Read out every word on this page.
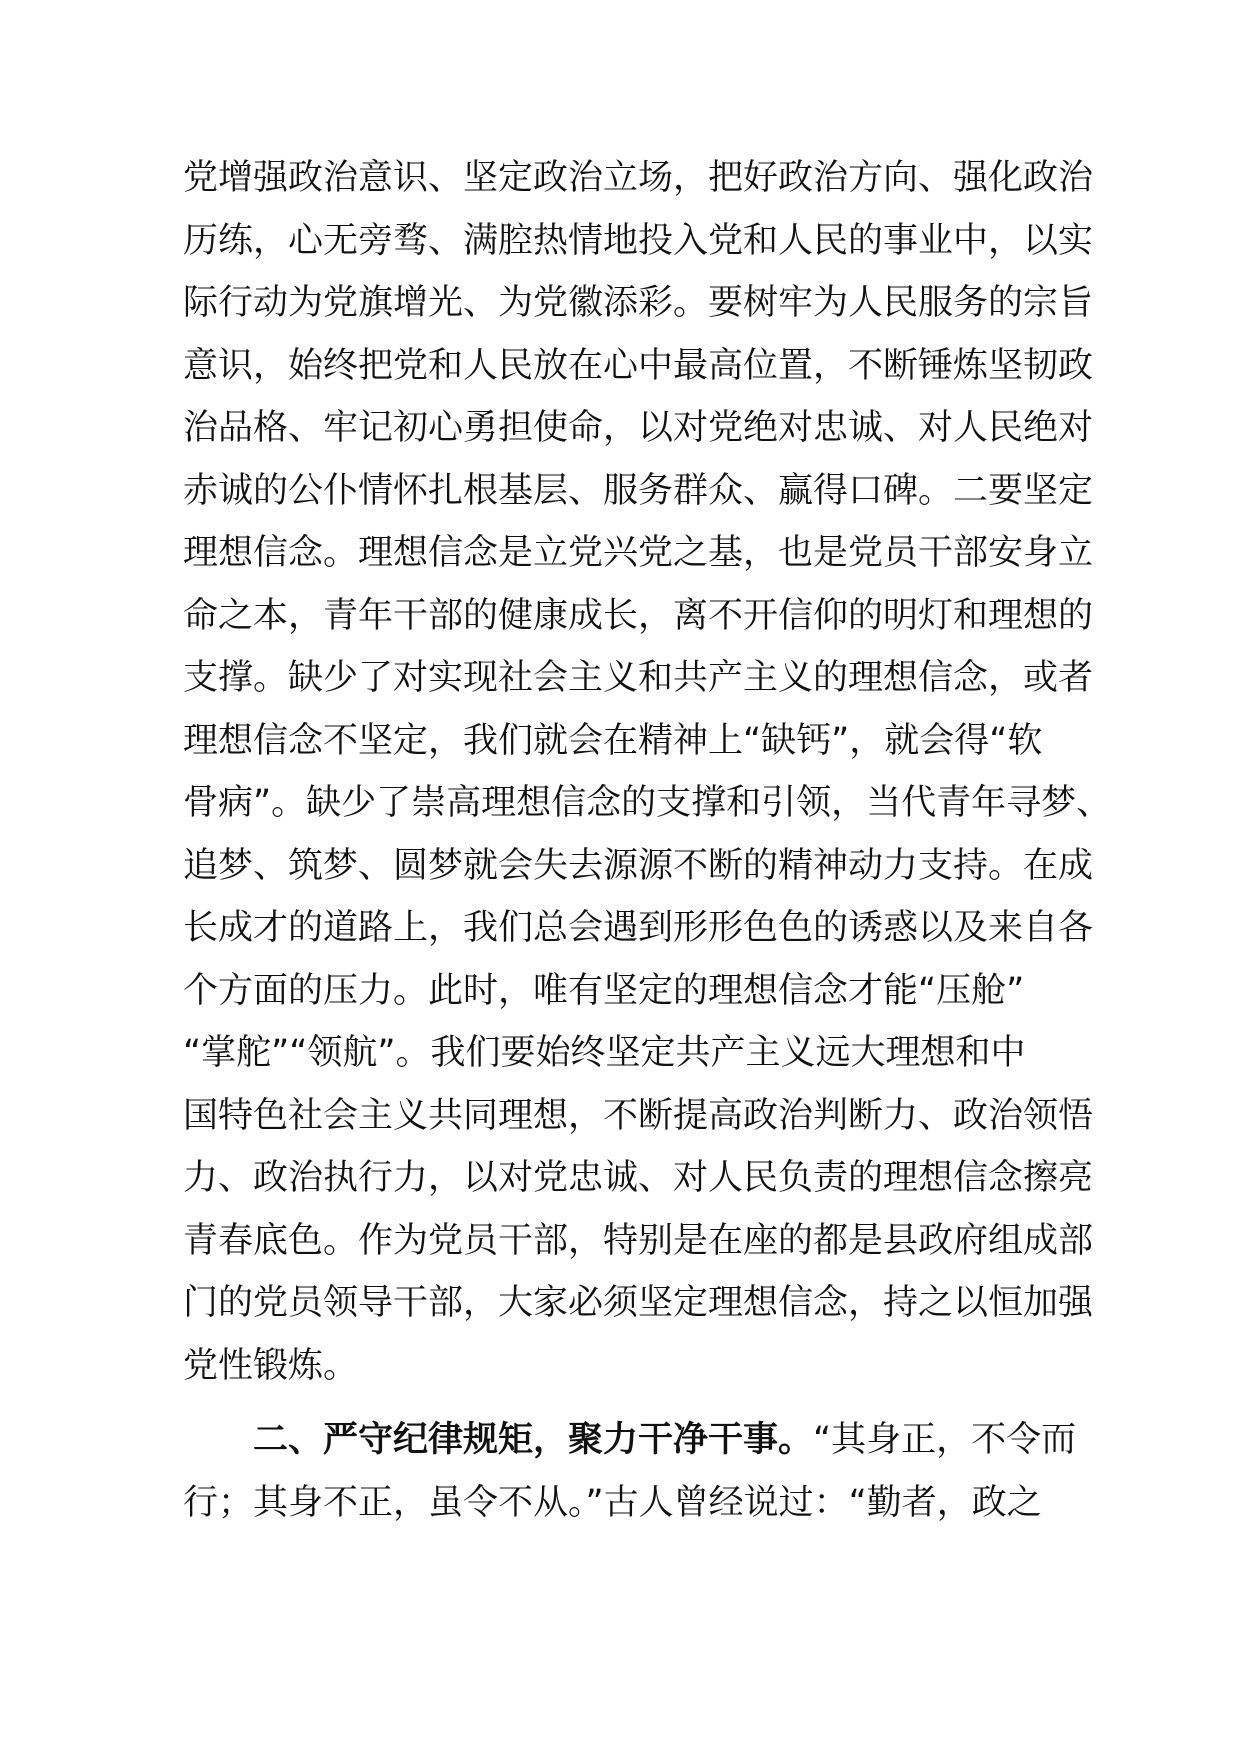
党增强政治意识、坚定政治立场，把好政治方向、强化政治
历练，心无旁骛、满腔热情地投入党和人民的事业中，以实
际行动为党旗增光、为党徽添彩。要树牢为人民服务的宗旨
意识，始终把党和人民放在心中最高位置，不断锤炼坚韧政
治品格、牢记初心勇担使命，以对党绝对忠诚、对人民绝对
赤诚的公仆情怀扎根基层、服务群众、赢得口碑。二要坚定
理想信念。理想信念是立党兴党之基，也是党员干部安身立
命之本，青年干部的健康成长，离不开信仰的明灯和理想的
支撑。缺少了对实现社会主义和共产主义的理想信念，或者
理想信念不坚定，我们就会在精神上“缺钙”，就会得“软
骨病”。缺少了崇高理想信念的支撑和引领，当代青年寻梦、
追梦、筑梦、圆梦就会失去源源不断的精神动力支持。在成
长成才的道路上，我们总会遇到形形色色的诱惑以及来自各
个方面的压力。此时，唯有坚定的理想信念才能“压舱”
“掌舵”“领航”。我们要始终坚定共产主义远大理想和中
国特色社会主义共同理想，不断提高政治判断力、政治领悟
力、政治执行力，以对党忠诚、对人民负责的理想信念擦亮
青春底色。作为党员干部，特别是在座的都是县政府组成部
门的党员领导干部，大家必须坚定理想信念，持之以恒加强
党性锻炼。
二、严守纪律规矩，聚力干净干事。“其身正，不令而
行；其身不正，虽令不从。”古人曾经说过：“勤者，政之
